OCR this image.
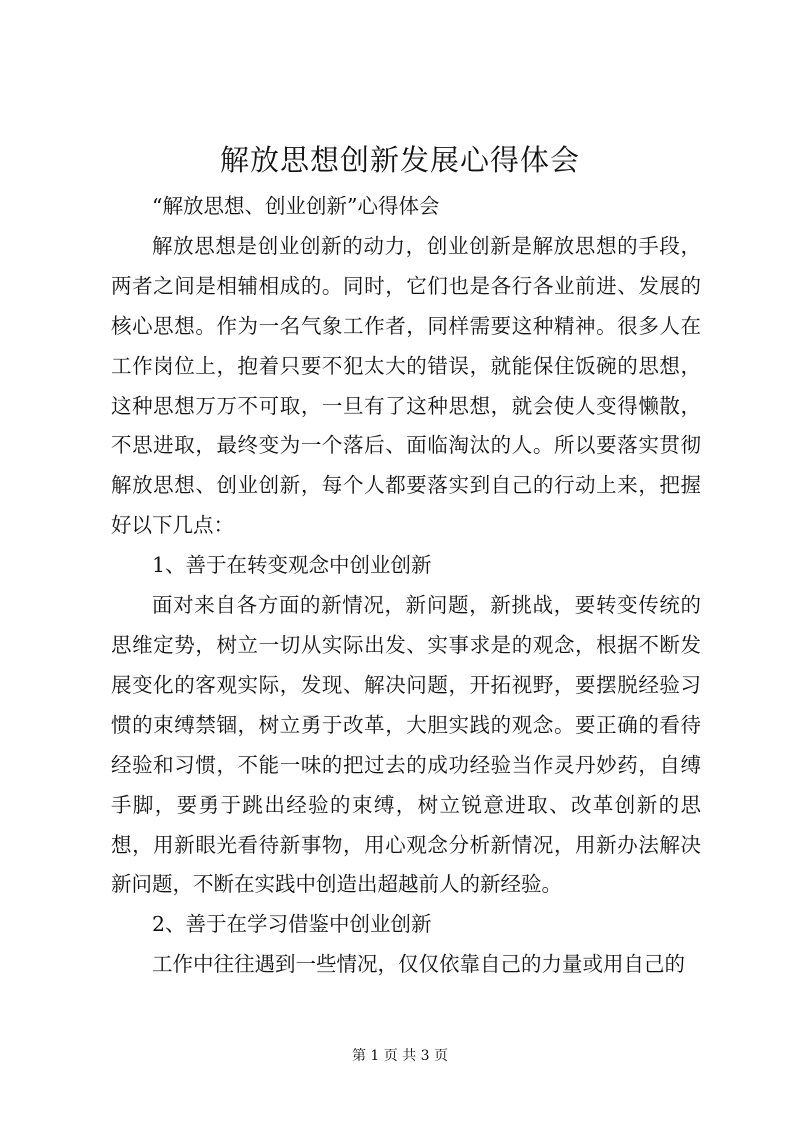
解放思想创新发展心得体会

“解放思想、创业创新”心得体会

解放思想是创业创新的动力，创业创新是解放思想的手段，两者之间是相辅相成的。同时，它们也是各行各业前进、发展的核心思想。作为一名气象工作者，同样需要这种精神。很多人在工作岗位上，抱着只要不犯太大的错误，就能保住饭碗的思想，这种思想万万不可取，一旦有了这种思想，就会使人变得懒散，不思进取，最终变为一个落后、面临淘汰的人。所以要落实贯彻解放思想、创业创新，每个人都要落实到自己的行动上来，把握好以下几点：

1、善于在转变观念中创业创新

面对来自各方面的新情况，新问题，新挑战，要转变传统的思维定势，树立一切从实际出发、实事求是的观念，根据不断发展变化的客观实际，发现、解决问题，开拓视野，要摆脱经验习惯的束缚禁锢，树立勇于改革，大胆实践的观念。要正确的看待经验和习惯，不能一味的把过去的成功经验当作灵丹妙药，自缚手脚，要勇于跳出经验的束缚，树立锐意进取、改革创新的思想，用新眼光看待新事物，用心观念分析新情况，用新办法解决新问题，不断在实践中创造出超越前人的新经验。

2、善于在学习借鉴中创业创新

工作中往往遇到一些情况，仅仅依靠自己的力量或用自己的

第 1 页 共 3 页
